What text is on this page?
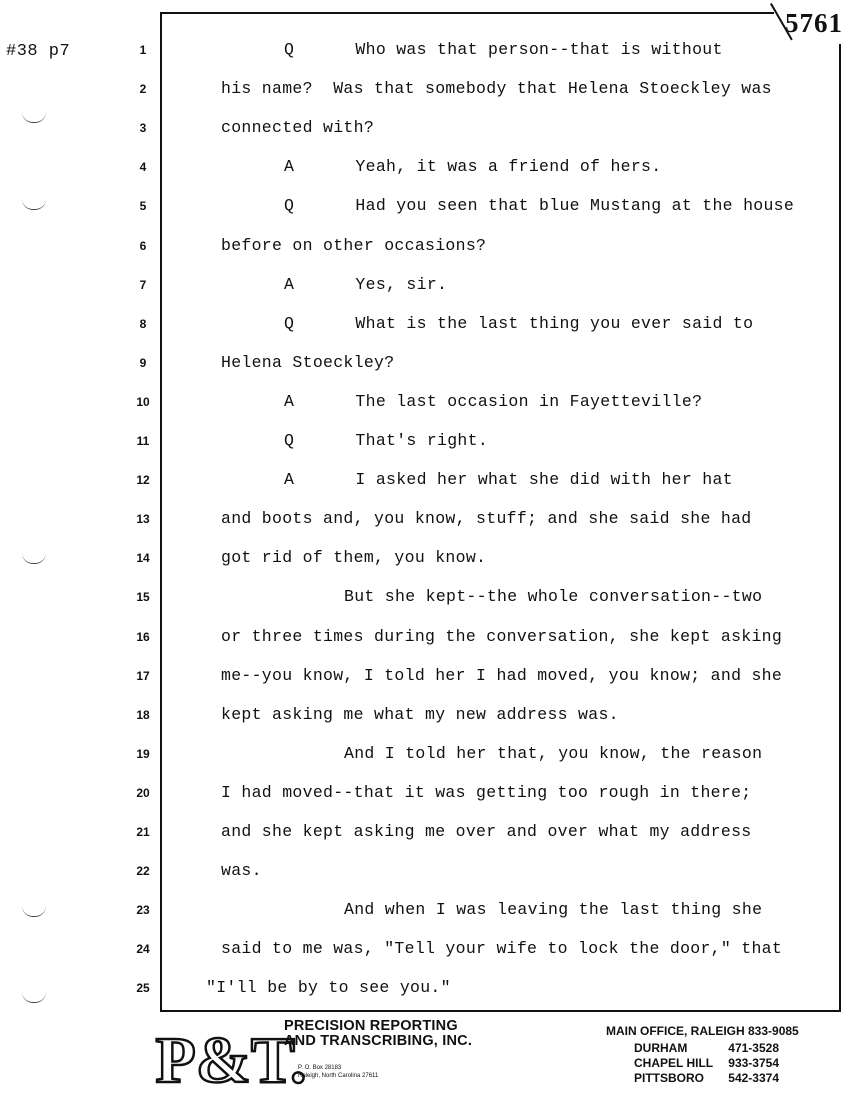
#38 p7
5761
1	Q      Who was that person--that is without
2	his name?  Was that somebody that Helena Stoeckley was
3	connected with?
4	A      Yeah, it was a friend of hers.
5	Q      Had you seen that blue Mustang at the house
6	before on other occasions?
7	A      Yes, sir.
8	Q      What is the last thing you ever said to
9	Helena Stoeckley?
10	A      The last occasion in Fayetteville?
11	Q      That's right.
12	A      I asked her what she did with her hat
13	and boots and, you know, stuff; and she said she had
14	got rid of them, you know.
15	But she kept--the whole conversation--two
16	or three times during the conversation, she kept asking
17	me--you know, I told her I had moved, you know; and she
18	kept asking me what my new address was.
19	And I told her that, you know, the reason
20	I had moved--that it was getting too rough in there;
21	and she kept asking me over and over what my address
22	was.
23	And when I was leaving the last thing she
24	said to me was, "Tell your wife to lock the door," that
25	"I'll be by to see you."
P&T.
PRECISION REPORTING
AND TRANSCRIBING, INC.
P. O. Box 28183
Raleigh, North Carolina 27611
MAIN OFFICE, RALEIGH 833-9085
DURHAM	471-3528
CHAPEL HILL 933-3754
PITTSBORO 542-3374
